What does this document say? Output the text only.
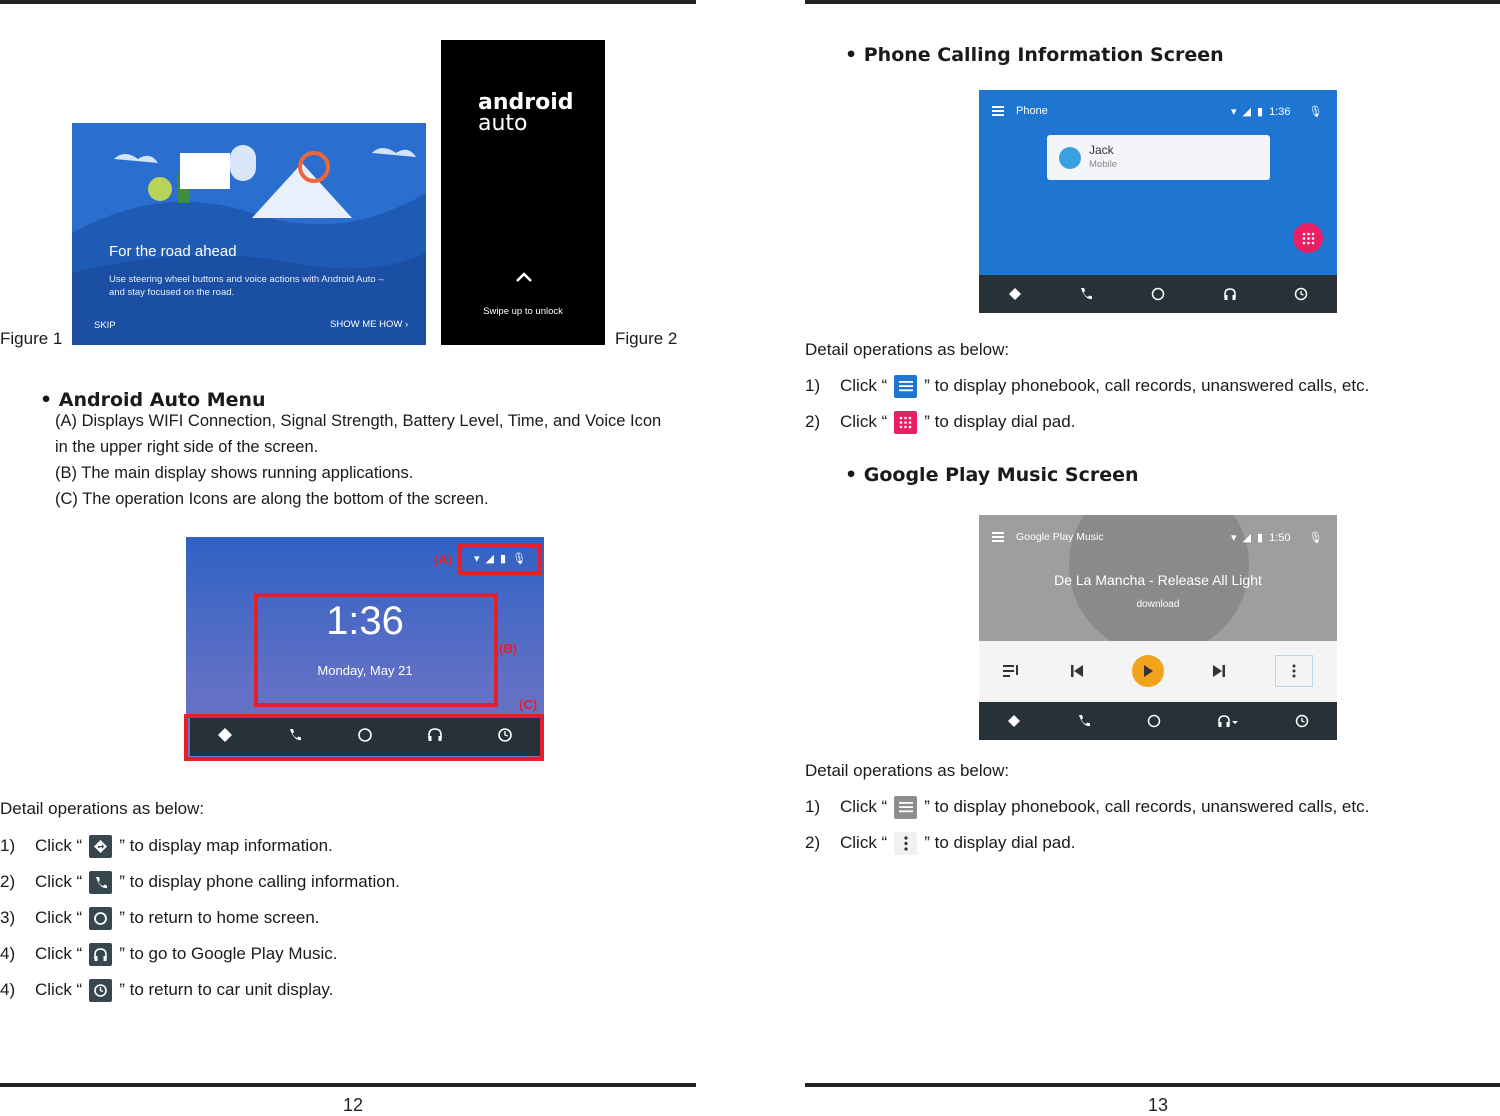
For the road ahead
Use steering wheel buttons and voice actions with Android Auto – and stay focused on the road.
SKIP	SHOW ME HOW ›
Figure 1
android
auto
Swipe up to unlock
Figure 2
• Android Auto Menu
(A) Displays WIFI Connection, Signal Strength, Battery Level, Time, and Voice Icon
in the upper right side of the screen.
(B) The main display shows running applications.
(C) The operation Icons are along the bottom of the screen.
▾ ◢ ▮ 🎙︎
1:36
Monday, May 21
(A)
(B)
(C)
Detail operations as below:
1)	Click “ ” to display map information.
2)	Click “ ” to display phone calling information.
3)	Click “ ” to return to home screen.
4)	Click “ ” to go to Google Play Music.
4)	Click “ ” to return to car unit display.
12
• Phone Calling Information Screen
Phone	▾ ◢ ▮ 1:36 🎙︎
Jack
Mobile
Detail operations as below:
1)	Click “ ” to display phonebook, call records, unanswered calls, etc.
2)	Click “ ” to display dial pad.
• Google Play Music Screen
Google Play Music	▾ ◢ ▮ 1:50 🎙︎
De La Mancha - Release All Light
download
Detail operations as below:
1)	Click “ ” to display phonebook, call records, unanswered calls, etc.
2)	Click “ ” to display dial pad.
13
